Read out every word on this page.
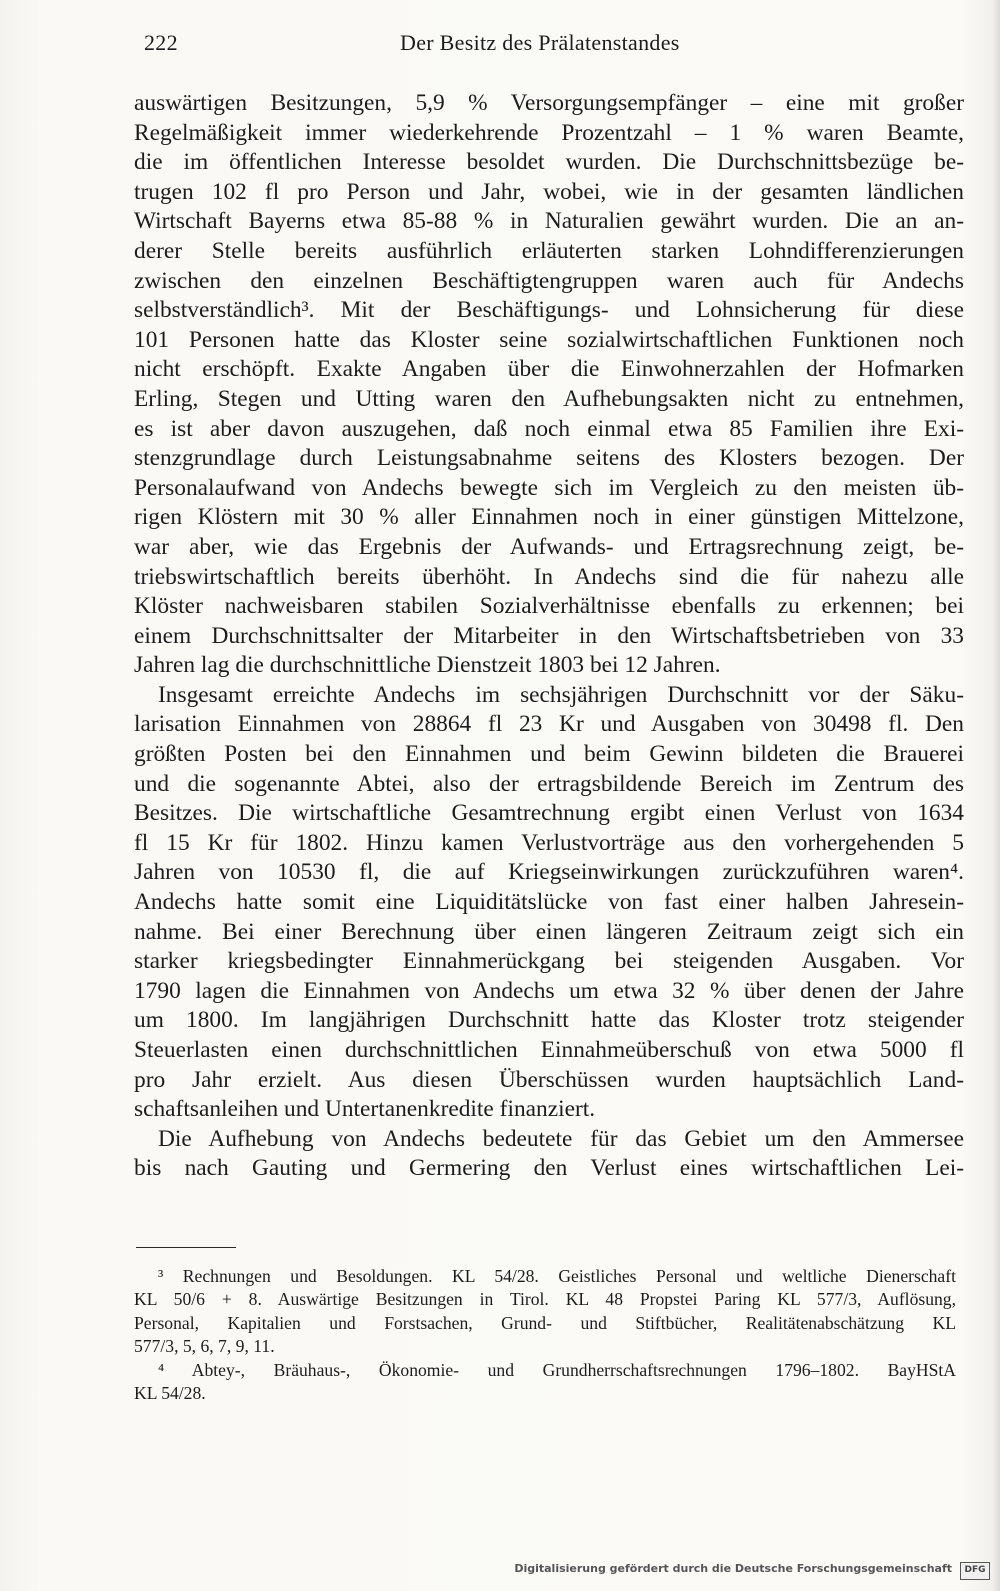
222	Der Besitz des Prälatenstandes
auswärtigen Besitzungen, 5,9 % Versorgungsempfänger – eine mit großer
Regelmäßigkeit immer wiederkehrende Prozentzahl – 1 % waren Beamte,
die im öffentlichen Interesse besoldet wurden. Die Durchschnittsbezüge be-
trugen 102 fl pro Person und Jahr, wobei, wie in der gesamten ländlichen
Wirtschaft Bayerns etwa 85-88 % in Naturalien gewährt wurden. Die an an-
derer Stelle bereits ausführlich erläuterten starken Lohndifferenzierungen
zwischen den einzelnen Beschäftigtengruppen waren auch für Andechs
selbstverständlich³. Mit der Beschäftigungs- und Lohnsicherung für diese
101 Personen hatte das Kloster seine sozialwirtschaftlichen Funktionen noch
nicht erschöpft. Exakte Angaben über die Einwohnerzahlen der Hofmarken
Erling, Stegen und Utting waren den Aufhebungsakten nicht zu entnehmen,
es ist aber davon auszugehen, daß noch einmal etwa 85 Familien ihre Exi-
stenzgrundlage durch Leistungsabnahme seitens des Klosters bezogen. Der
Personalaufwand von Andechs bewegte sich im Vergleich zu den meisten üb-
rigen Klöstern mit 30 % aller Einnahmen noch in einer günstigen Mittelzone,
war aber, wie das Ergebnis der Aufwands- und Ertragsrechnung zeigt, be-
triebswirtschaftlich bereits überhöht. In Andechs sind die für nahezu alle
Klöster nachweisbaren stabilen Sozialverhältnisse ebenfalls zu erkennen; bei
einem Durchschnittsalter der Mitarbeiter in den Wirtschaftsbetrieben von 33
Jahren lag die durchschnittliche Dienstzeit 1803 bei 12 Jahren.
Insgesamt erreichte Andechs im sechsjährigen Durchschnitt vor der Säku-
larisation Einnahmen von 28864 fl 23 Kr und Ausgaben von 30498 fl. Den
größten Posten bei den Einnahmen und beim Gewinn bildeten die Brauerei
und die sogenannte Abtei, also der ertragsbildende Bereich im Zentrum des
Besitzes. Die wirtschaftliche Gesamtrechnung ergibt einen Verlust von 1634
fl 15 Kr für 1802. Hinzu kamen Verlustvorträge aus den vorhergehenden 5
Jahren von 10530 fl, die auf Kriegseinwirkungen zurückzuführen waren⁴.
Andechs hatte somit eine Liquiditätslücke von fast einer halben Jahresein-
nahme. Bei einer Berechnung über einen längeren Zeitraum zeigt sich ein
starker kriegsbedingter Einnahmerückgang bei steigenden Ausgaben. Vor
1790 lagen die Einnahmen von Andechs um etwa 32 % über denen der Jahre
um 1800. Im langjährigen Durchschnitt hatte das Kloster trotz steigender
Steuerlasten einen durchschnittlichen Einnahmeüberschuß von etwa 5000 fl
pro Jahr erzielt. Aus diesen Überschüssen wurden hauptsächlich Land-
schaftsanleihen und Untertanenkredite finanziert.
Die Aufhebung von Andechs bedeutete für das Gebiet um den Ammersee
bis nach Gauting und Germering den Verlust eines wirtschaftlichen Lei-
³ Rechnungen und Besoldungen. KL 54/28. Geistliches Personal und weltliche Dienerschaft
KL 50/6 + 8. Auswärtige Besitzungen in Tirol. KL 48 Propstei Paring KL 577/3, Auflösung,
Personal, Kapitalien und Forstsachen, Grund- und Stiftbücher, Realitätenabschätzung KL
577/3, 5, 6, 7, 9, 11.
⁴ Abtey-, Bräuhaus-, Ökonomie- und Grundherrschaftsrechnungen 1796–1802. BayHStA
KL 54/28.
Digitalisierung gefördert durch die Deutsche Forschungsgemeinschaft	DFG
